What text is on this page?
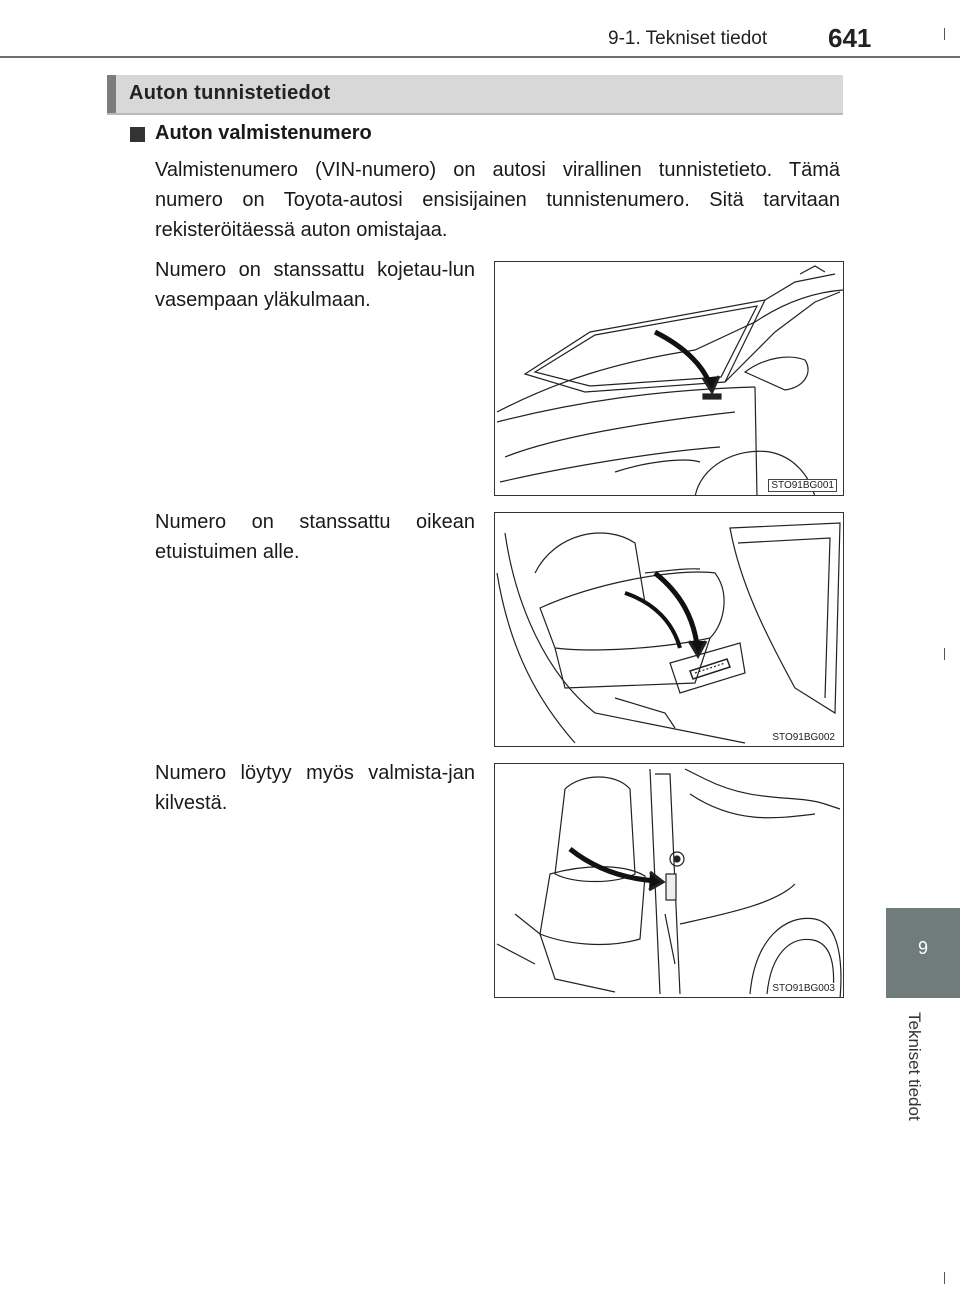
9-1. Tekniset tiedot 641
9
Tekniset tiedot
Auton tunnistetiedot
Auton valmistenumero
Valmistenumero (VIN-numero) on autosi virallinen tunnistetieto. Tämä numero on Toyota-autosi ensisijainen tunnistenumero. Sitä tarvitaan rekisteröitäessä auton omistajaa.
Numero on stanssattu kojetau-lun vasempaan yläkulmaan.
Numero on stanssattu oikean etuistuimen alle.
Numero löytyy myös valmista-jan kilvestä.
STO91BG001
STO91BG002
STO91BG003
